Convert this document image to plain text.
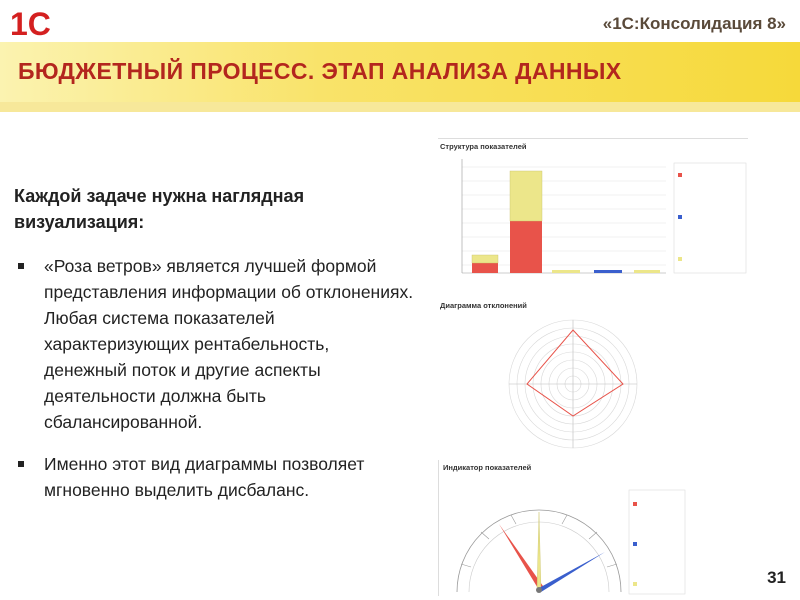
1С	«1С:Консолидация 8»
БЮДЖЕТНЫЙ ПРОЦЕСС. ЭТАП АНАЛИЗА ДАННЫХ
Каждой задаче нужна наглядная визуализация:
«Роза ветров» является лучшей формой представления информации об отклонениях. Любая система показателей характеризующих рентабельность, денежный поток и другие аспекты деятельности должна быть сбалансированной.
Именно этот вид диаграммы позволяет мгновенно выделить дисбаланс.
Структура показателей
Диаграмма отклонений
Индикатор показателей
31
